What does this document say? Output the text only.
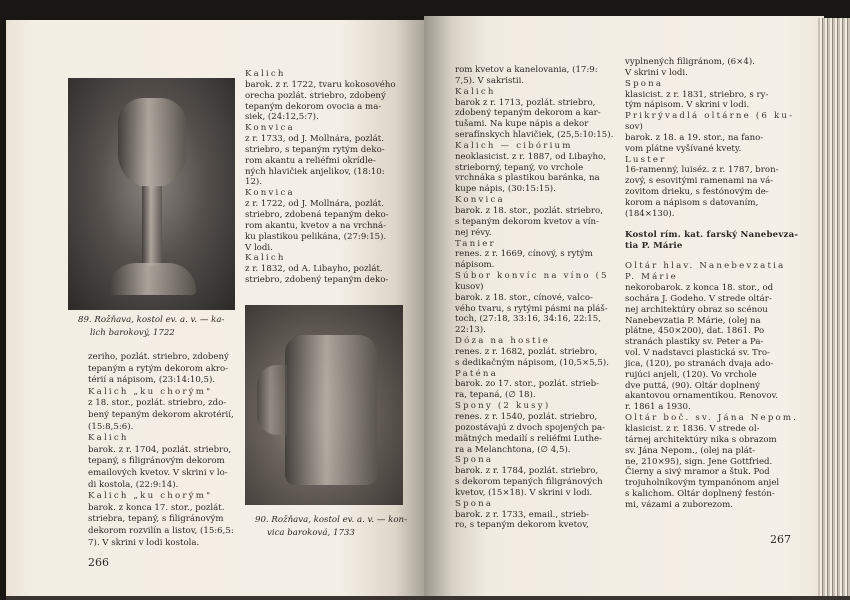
89. Rožňava, kostol ev. a. v. — ka-
lich barokový, 1722
90. Rožňava, kostol ev. a. v. — kon-
vica baroková, 1733
Kalich
barok. z r. 1722, tvaru kokosového
orecha pozlát. striebro, zdobený
tepaným dekorom ovocia a ma-
siek, (24:12,5:7).
Konvica
z r. 1733, od J. Mollnára, pozlát.
striebro, s tepaným rytým deko-
rom akantu a reliéfmi okrídle-
ných hlavičiek anjelikov, (18:10:
12).
Konvica
z r. 1722, od J. Mollnára, pozlát.
striebro, zdobená tepaným deko-
rom akantu, kvetov a na vrchná-
ku plastikou pelikána, (27:9:15).
V lodi.
Kalich
z r. 1832, od A. Libayho, pozlát.
striebro, zdobený tepaným deko-
zeriho, pozlát. striebro, zdobený
tepaným a rytým dekorom akro-
térií a nápisom, (23:14:10,5).
Kalich „ku chorým"
z 18. stor., pozlát. striebro, zdo-
bený tepaným dekorom akrotérií,
(15:8,5:6).
Kalich
barok. z r. 1704, pozlát. striebro,
tepaný, s filigránovým dekorom
emailových kvetov. V skrini v lo-
di kostola, (22:9:14).
Kalich „ku chorým"
barok. z konca 17. stor., pozlát.
striebra, tepaný, s filigránovým
dekorom rozvilín a listov, (15:6,5:
7). V skrini v lodi kostola.
rom kvetov a kanelovania, (17:9:
7,5). V sakristii.
Kalich
barok z r. 1713, pozlát. striebro,
zdobený tepaným dekorom a kar-
tušami. Na kupe nápis a dekor
serafínskych hlavičiek, (25,5:10:15).
Kalich — cibórium
neoklasicist. z r. 1887, od Libayho,
strieborný, tepaný, vo vrchole
vrchnáka s plastikou baránka, na
kupe nápis, (30:15:15).
Konvica
barok. z 18. stor., pozlát. striebro,
s tepaným dekorom kvetov a vín-
nej révy.
Tanier
renes. z r. 1669, cínový, s rytým
nápisom.
Súbor konvíc na víno (5
kusov)
barok. z 18. stor., cínové, valco-
vého tvaru, s rytými pásmi na pláš-
toch, (27:18, 33:16, 34:16, 22:15,
22:13).
Dóza na hostie
renes. z r. 1682, pozlát. striebro,
s dedikačným nápisom, (10,5×5,5).
Paténa
barok. zo 17. stor., pozlát. strieb-
ra, tepaná, (∅ 18).
Spony (2 kusy)
renes. z r. 1540, pozlát. striebro,
pozostávajú z dvoch spojených pa-
mätných medailí s reliéfmi Luthe-
ra a Melanchtona, (∅ 4,5).
Spona
barok. z r. 1784, pozlát. striebro,
s dekorom tepaných filigránových
kvetov, (15×18). V skrini v lodi.
Spona
barok. z r. 1733, email., strieb-
ro, s tepaným dekorom kvetov,
vyplnených filigránom, (6×4).
V skrini v lodi.
Spona
klasicist. z r. 1831, striebro, s ry-
tým nápisom. V skrini v lodi.
Prikrývadlá oltárne (6 ku-
sov)
barok. z 18. a 19. stor., na fano-
vom plátne vyšívané kvety.
Luster
16-ramenný, luiséz. z r. 1787, bron-
zový, s esovitými ramenami na vá-
zovitom drieku, s festónovým de-
korom a nápisom s datovaním,
(184×130).
Kostol rím. kat. farský Nanebevza-
tia P. Márie
Oltár hlav. Nanebevzatia
P. Márie
nekorobarok. z konca 18. stor., od
sochára J. Godeho. V strede oltár-
nej architektúry obraz so scénou
Nanebevzatia P. Márie, (olej na
plátne, 450×200), dat. 1861. Po
stranách plastiky sv. Peter a Pa-
vol. V nadstavci plastická sv. Tro-
jica, (120), po stranách dvaja ado-
rujúci anjeli, (120). Vo vrchole
dve puttá, (90). Oltár doplnený
akantovou ornamentikou. Renovov.
r. 1861 a 1930.
Oltár boč. sv. Jána Nepom.
klasicist. z r. 1836. V strede ol-
tárnej architektúry nika s obrazom
sv. Jána Nepom., (olej na plát-
ne, 210×95), sign. Jene Gottfried.
Čierny a sivý mramor a štuk. Pod
trojuholníkovým tympanónom anjel
s kalichom. Oltár doplnený festón-
mi, vázami a zuborezom.
266
267
